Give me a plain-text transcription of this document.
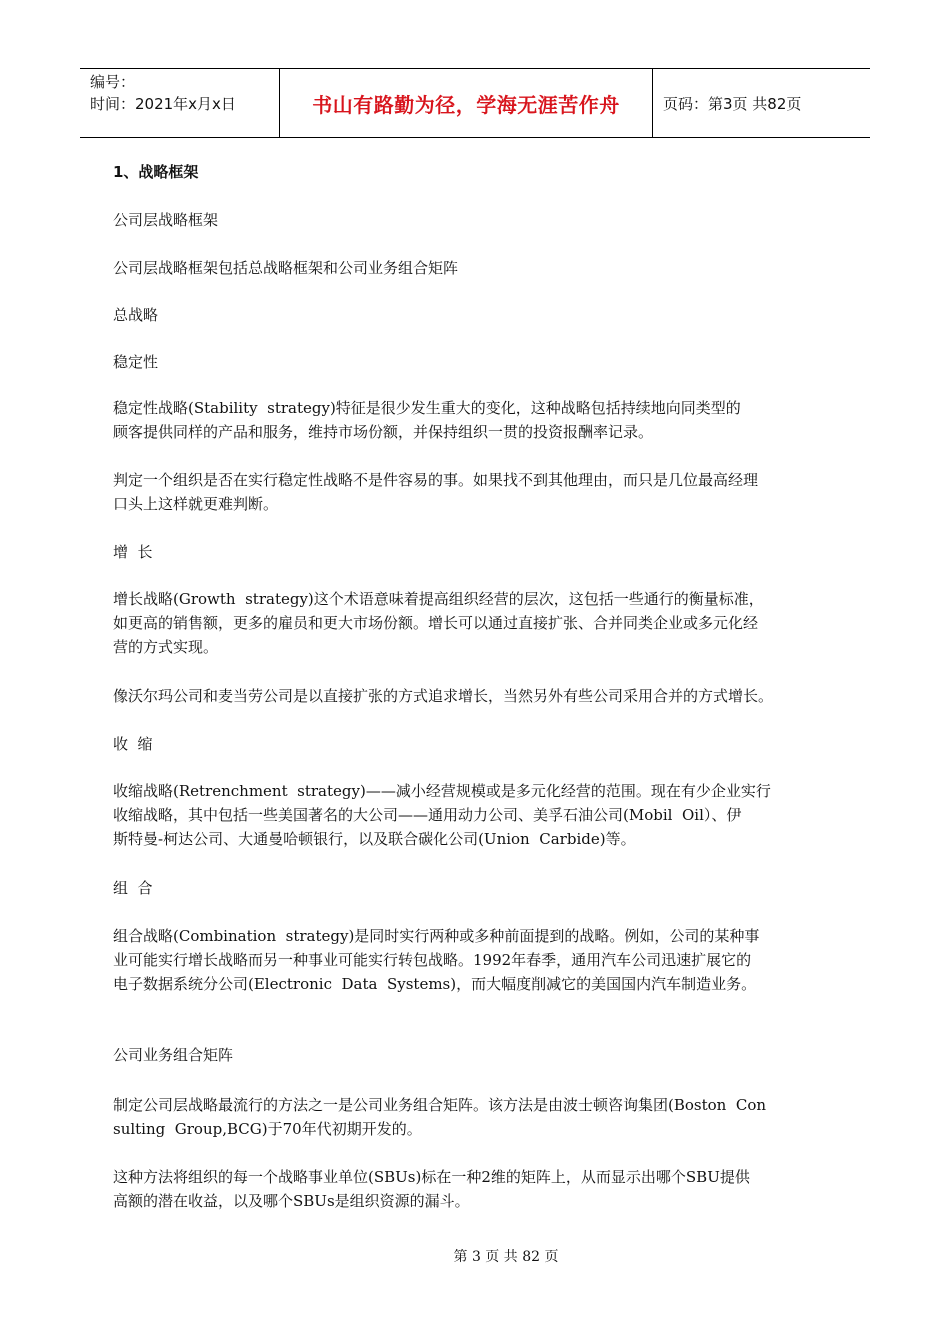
编号：
时间：2021年x月x日	书山有路勤为径，学海无涯苦作舟	页码：第3页 共82页

1、战略框架

公司层战略框架

公司层战略框架包括总战略框架和公司业务组合矩阵

总战略

稳定性

稳定性战略(Stability  strategy)特征是很少发生重大的变化，这种战略包括持续地向同类型的
顾客提供同样的产品和服务，维持市场份额，并保持组织一贯的投资报酬率记录。

判定一个组织是否在实行稳定性战略不是件容易的事。如果找不到其他理由，而只是几位最高经理
口头上这样就更难判断。

增  长

增长战略(Growth  strategy)这个术语意味着提高组织经营的层次，这包括一些通行的衡量标准，
如更高的销售额，更多的雇员和更大市场份额。增长可以通过直接扩张、合并同类企业或多元化经
营的方式实现。

像沃尔玛公司和麦当劳公司是以直接扩张的方式追求增长，当然另外有些公司采用合并的方式增长。

收  缩

收缩战略(Retrenchment  strategy)——减小经营规模或是多元化经营的范围。现在有少企业实行
收缩战略，其中包括一些美国著名的大公司——通用动力公司、美孚石油公司(Mobil  Oil）、伊
斯特曼-柯达公司、大通曼哈顿银行，以及联合碳化公司(Union  Carbide)等。

组  合

组合战略(Combination  strategy)是同时实行两种或多种前面提到的战略。例如，公司的某种事
业可能实行增长战略而另一种事业可能实行转包战略。1992年春季，通用汽车公司迅速扩展它的
电子数据系统分公司(Electronic  Data  Systems)，而大幅度削减它的美国国内汽车制造业务。

公司业务组合矩阵

制定公司层战略最流行的方法之一是公司业务组合矩阵。该方法是由波士顿咨询集团(Boston  Con
sulting  Group,BCG)于70年代初期开发的。

这种方法将组织的每一个战略事业单位(SBUs)标在一种2维的矩阵上，从而显示出哪个SBU提供
高额的潜在收益，以及哪个SBUs是组织资源的漏斗。

第 3 页 共 82 页
